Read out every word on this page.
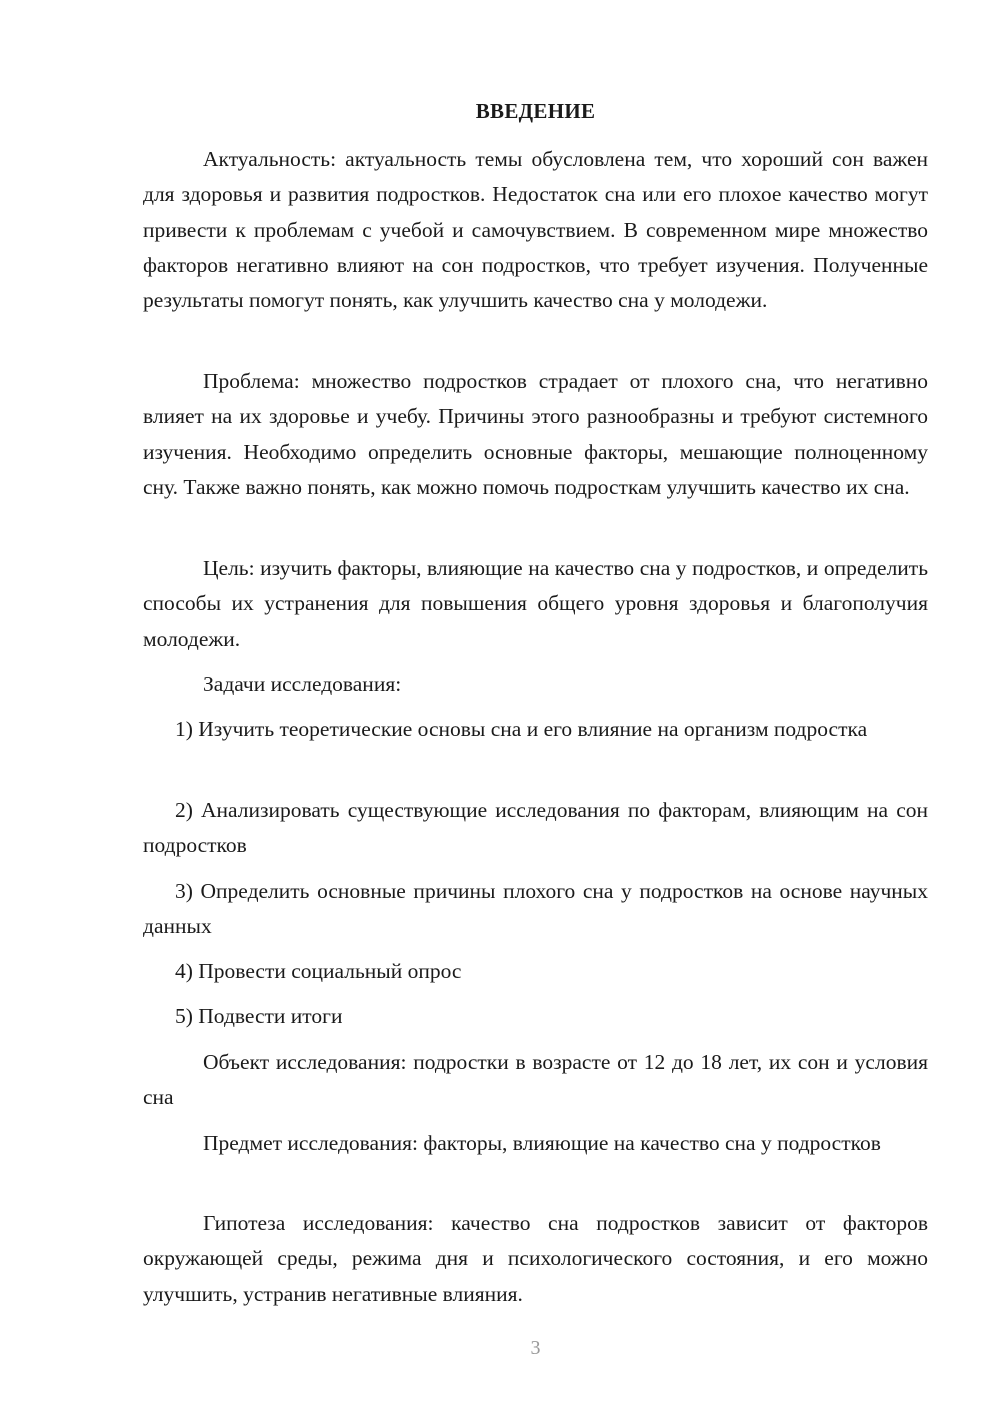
ВВЕДЕНИЕ

Актуальность: актуальность темы обусловлена тем, что хороший сон важен для здоровья и развития подростков. Недостаток сна или его плохое качество могут привести к проблемам с учебой и самочувствием. В современном мире множество факторов негативно влияют на сон подростков, что требует изучения. Полученные результаты помогут понять, как улучшить качество сна у молодежи.

Проблема: множество подростков страдает от плохого сна, что негативно влияет на их здоровье и учебу. Причины этого разнообразны и требуют системного изучения. Необходимо определить основные факторы, мешающие полноценному сну. Также важно понять, как можно помочь подросткам улучшить качество их сна.

Цель: изучить факторы, влияющие на качество сна у подростков, и определить способы их устранения для повышения общего уровня здоровья и благополучия молодежи.

Задачи исследования:

1) Изучить теоретические основы сна и его влияние на организм подростка

2) Анализировать существующие исследования по факторам, влияющим на сон подростков

3) Определить основные причины плохого сна у подростков на основе научных данных

4) Провести социальный опрос

5) Подвести итоги

Объект исследования: подростки в возрасте от 12 до 18 лет, их сон и условия сна

Предмет исследования: факторы, влияющие на качество сна у подростков

Гипотеза исследования: качество сна подростков зависит от факторов окружающей среды, режима дня и психологического состояния, и его можно улучшить, устранив негативные влияния.

3
